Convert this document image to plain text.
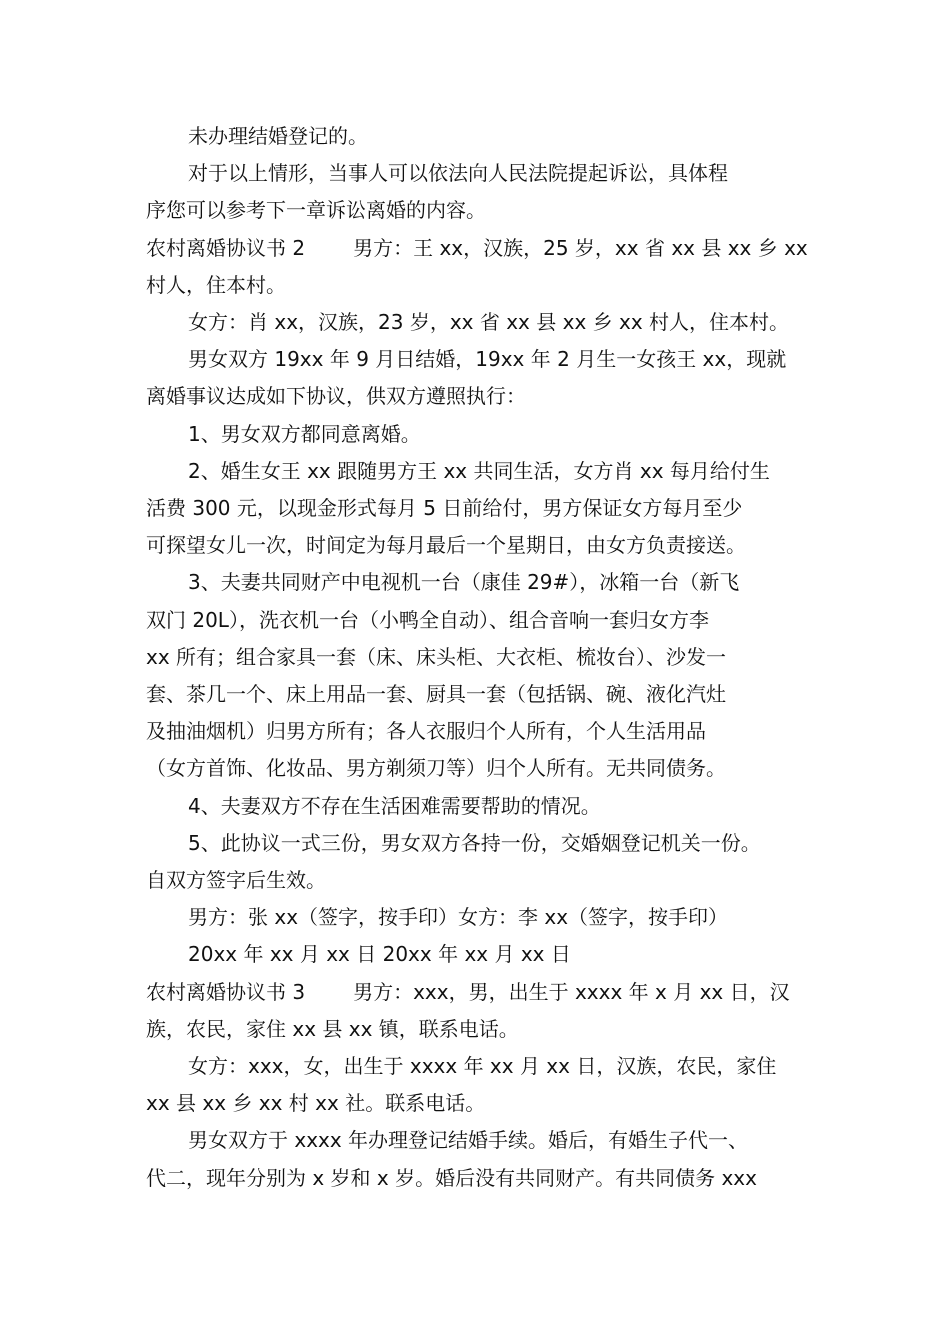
未办理结婚登记的。

对于以上情形，当事人可以依法向人民法院提起诉讼，具体程

序您可以参考下一章诉讼离婚的内容。

农村离婚协议书 2 男方：王 xx，汉族，25 岁，xx 省 xx 县 xx 乡 xx

村人，住本村。

女方：肖 xx，汉族，23 岁，xx 省 xx 县 xx 乡 xx 村人，住本村。

男女双方 19xx 年 9 月日结婚，19xx 年 2 月生一女孩王 xx，现就

离婚事议达成如下协议，供双方遵照执行：

1、男女双方都同意离婚。

2、婚生女王 xx 跟随男方王 xx 共同生活，女方肖 xx 每月给付生

活费 300 元，以现金形式每月 5 日前给付，男方保证女方每月至少

可探望女儿一次，时间定为每月最后一个星期日，由女方负责接送。

3、夫妻共同财产中电视机一台（康佳 29#），冰箱一台（新飞

双门 20L），洗衣机一台（小鸭全自动）、组合音响一套归女方李

xx 所有；组合家具一套（床、床头柜、大衣柜、梳妆台）、沙发一

套、茶几一个、床上用品一套、厨具一套（包括锅、碗、液化汽灶

及抽油烟机）归男方所有；各人衣服归个人所有，个人生活用品

（女方首饰、化妆品、男方剃须刀等）归个人所有。无共同债务。

4、夫妻双方不存在生活困难需要帮助的情况。

5、此协议一式三份，男女双方各持一份，交婚姻登记机关一份。

自双方签字后生效。

男方：张 xx（签字，按手印）女方：李 xx（签字，按手印）

20xx 年 xx 月 xx 日 20xx 年 xx 月 xx 日

农村离婚协议书 3 男方：xxx，男，出生于 xxxx 年 x 月 xx 日，汉

族，农民，家住 xx 县 xx 镇，联系电话。

女方：xxx，女，出生于 xxxx 年 xx 月 xx 日，汉族，农民，家住

xx 县 xx 乡 xx 村 xx 社。联系电话。

男女双方于 xxxx 年办理登记结婚手续。婚后，有婚生子代一、

代二，现年分别为 x 岁和 x 岁。婚后没有共同财产。有共同债务 xxx
